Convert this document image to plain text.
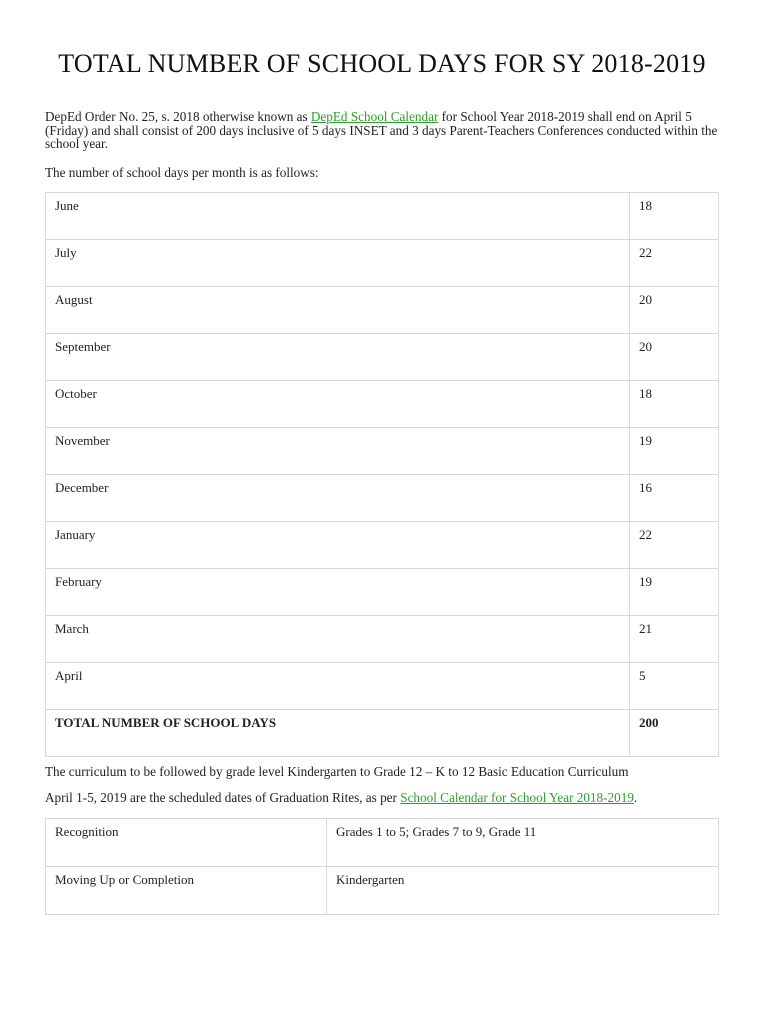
TOTAL NUMBER OF SCHOOL DAYS FOR SY 2018-2019

DepEd Order No. 25, s. 2018 otherwise known as DepEd School Calendar for School Year 2018-2019 shall end on April 5 (Friday) and shall consist of 200 days inclusive of 5 days INSET and 3 days Parent-Teachers Conferences conducted within the school year.

The number of school days per month is as follows:

June	18
July	22
August	20
September	20
October	18
November	19
December	16
January	22
February	19
March	21
April	5
TOTAL NUMBER OF SCHOOL DAYS	200

The curriculum to be followed by grade level Kindergarten to Grade 12 – K to 12 Basic Education Curriculum

April 1-5, 2019 are the scheduled dates of Graduation Rites, as per School Calendar for School Year 2018-2019.

Recognition	Grades 1 to 5; Grades 7 to 9, Grade 11
Moving Up or Completion	Kindergarten
